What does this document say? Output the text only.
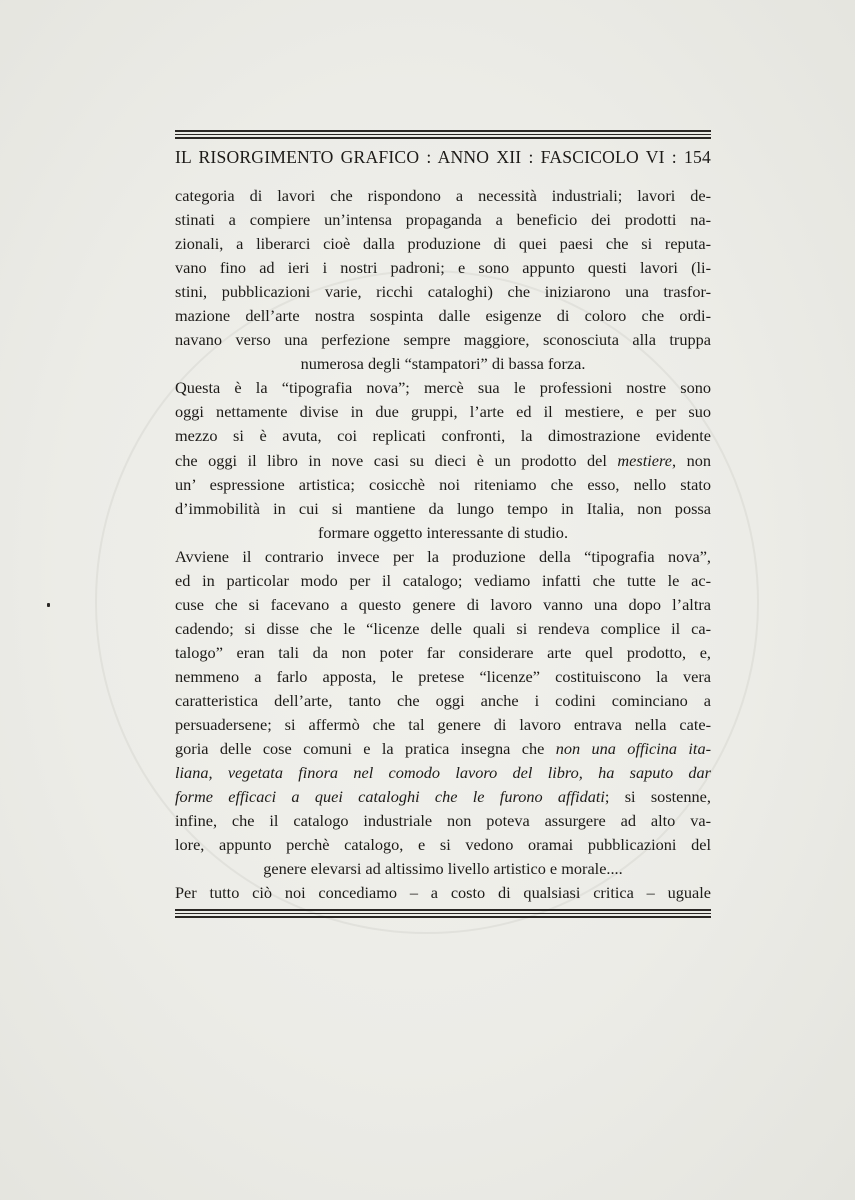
IL RISORGIMENTO GRAFICO : ANNO XII : FASCICOLO VI : 154
categoria di lavori che rispondono a necessità industriali; lavori de-
stinati a compiere un’intensa propaganda a beneficio dei prodotti na-
zionali, a liberarci cioè dalla produzione di quei paesi che si reputa-
vano fino ad ieri i nostri padroni; e sono appunto questi lavori (li-
stini, pubblicazioni varie, ricchi cataloghi) che iniziarono una trasfor-
mazione dell’arte nostra sospinta dalle esigenze di coloro che ordi-
navano verso una perfezione sempre maggiore, sconosciuta alla truppa
numerosa degli “stampatori” di bassa forza.
Questa è la “tipografia nova”; mercè sua le professioni nostre sono
oggi nettamente divise in due gruppi, l’arte ed il mestiere, e per suo
mezzo si è avuta, coi replicati confronti, la dimostrazione evidente
che oggi il libro in nove casi su dieci è un prodotto del mestiere, non
un’ espressione artistica; cosicchè noi riteniamo che esso, nello stato
d’immobilità in cui si mantiene da lungo tempo in Italia, non possa
formare oggetto interessante di studio.
Avviene il contrario invece per la produzione della “tipografia nova”,
ed in particolar modo per il catalogo; vediamo infatti che tutte le ac-
cuse che si facevano a questo genere di lavoro vanno una dopo l’altra
cadendo; si disse che le “licenze delle quali si rendeva complice il ca-
talogo” eran tali da non poter far considerare arte quel prodotto, e,
nemmeno a farlo apposta, le pretese “licenze” costituiscono la vera
caratteristica dell’arte, tanto che oggi anche i codini cominciano a
persuadersene; si affermò che tal genere di lavoro entrava nella cate-
goria delle cose comuni e la pratica insegna che non una officina ita-
liana, vegetata finora nel comodo lavoro del libro, ha saputo dar
forme efficaci a quei cataloghi che le furono affidati; si sostenne,
infine, che il catalogo industriale non poteva assurgere ad alto va-
lore, appunto perchè catalogo, e si vedono oramai pubblicazioni del
genere elevarsi ad altissimo livello artistico e morale....
Per tutto ciò noi concediamo – a costo di qualsiasi critica – uguale
